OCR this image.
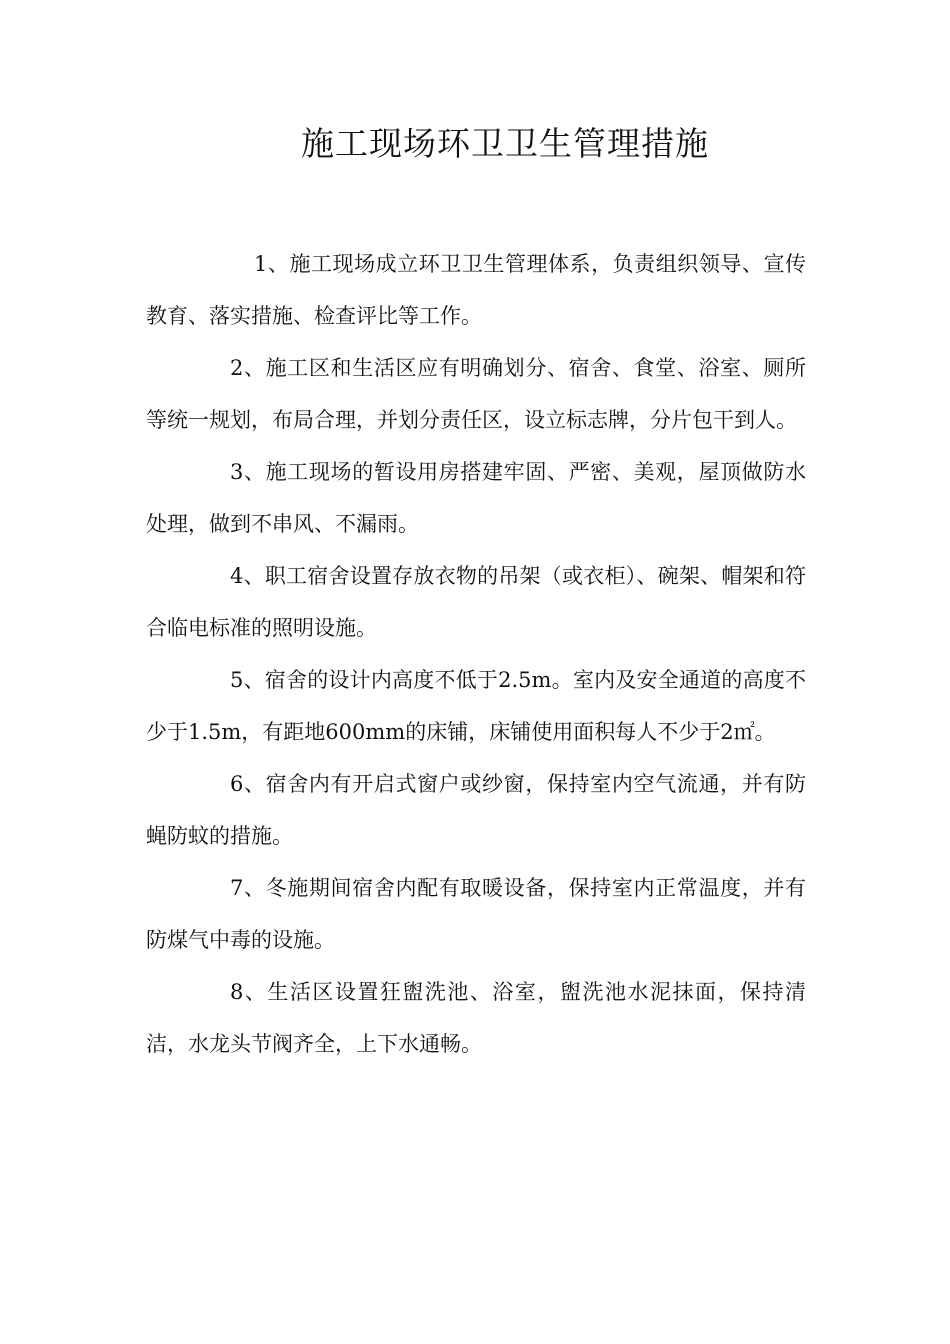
施工现场环卫卫生管理措施

1、施工现场成立环卫卫生管理体系，负责组织领导、宣传教育、落实措施、检查评比等工作。

2、施工区和生活区应有明确划分、宿舍、食堂、浴室、厕所等统一规划，布局合理，并划分责任区，设立标志牌，分片包干到人。

3、施工现场的暂设用房搭建牢固、严密、美观，屋顶做防水处理，做到不串风、不漏雨。

4、职工宿舍设置存放衣物的吊架（或衣柜）、碗架、帽架和符合临电标准的照明设施。

5、宿舍的设计内高度不低于2.5m。室内及安全通道的高度不少于1.5m，有距地600mm的床铺，床铺使用面积每人不少于2㎡。

6、宿舍内有开启式窗户或纱窗，保持室内空气流通，并有防蝇防蚊的措施。

7、冬施期间宿舍内配有取暖设备，保持室内正常温度，并有防煤气中毒的设施。

8、生活区设置狂盥洗池、浴室，盥洗池水泥抹面，保持清洁，水龙头节阀齐全，上下水通畅。
